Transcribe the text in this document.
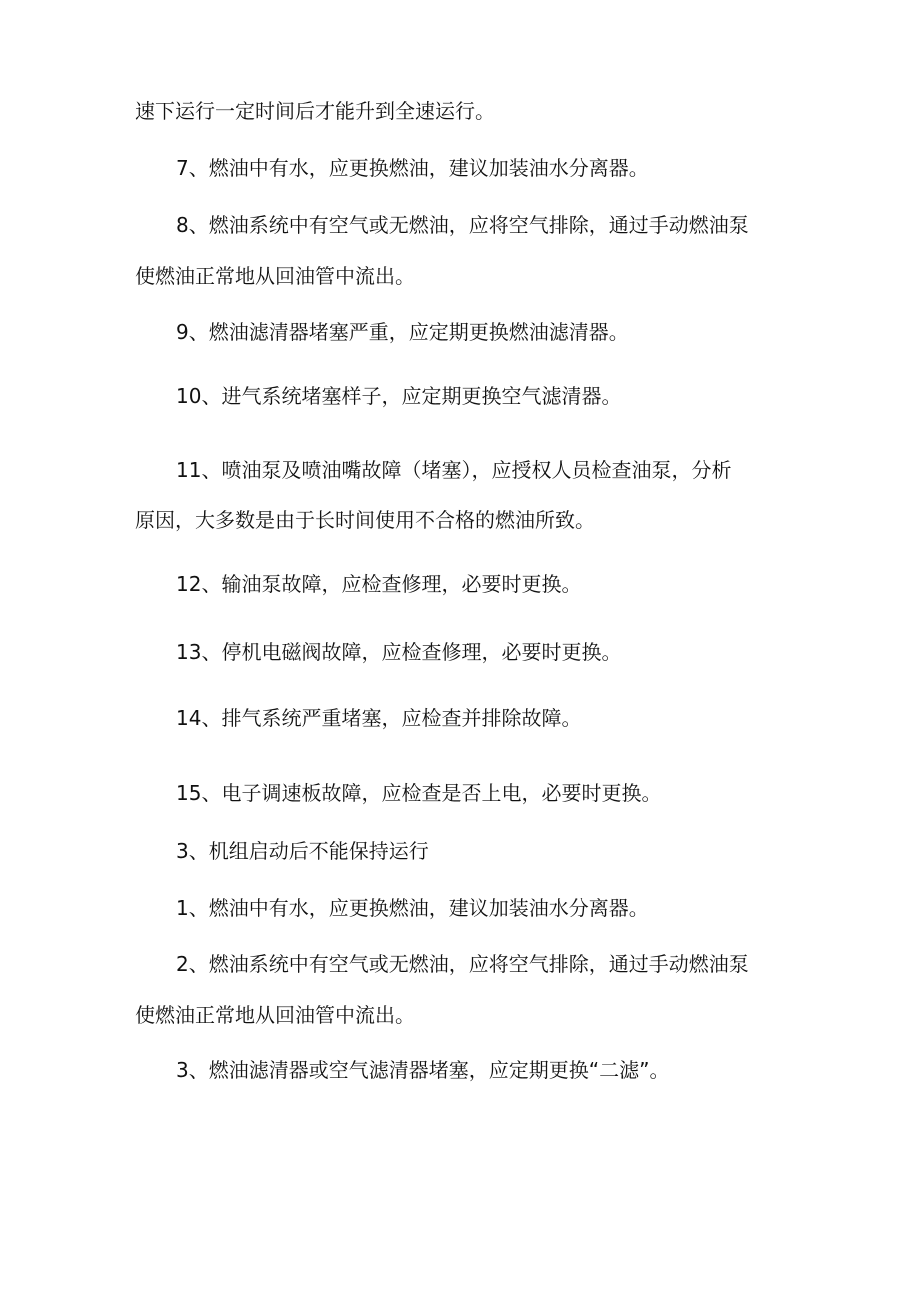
速下运行一定时间后才能升到全速运行。

7、燃油中有水，应更换燃油，建议加装油水分离器。

8、燃油系统中有空气或无燃油，应将空气排除，通过手动燃油泵

使燃油正常地从回油管中流出。

9、燃油滤清器堵塞严重，应定期更换燃油滤清器。

10、进气系统堵塞样子，应定期更换空气滤清器。

11、喷油泵及喷油嘴故障（堵塞），应授权人员检查油泵，分析

原因，大多数是由于长时间使用不合格的燃油所致。

12、输油泵故障，应检查修理，必要时更换。

13、停机电磁阀故障，应检查修理，必要时更换。

14、排气系统严重堵塞，应检查并排除故障。

15、电子调速板故障，应检查是否上电，必要时更换。

3、机组启动后不能保持运行

1、燃油中有水，应更换燃油，建议加装油水分离器。

2、燃油系统中有空气或无燃油，应将空气排除，通过手动燃油泵

使燃油正常地从回油管中流出。

3、燃油滤清器或空气滤清器堵塞，应定期更换“二滤”。
